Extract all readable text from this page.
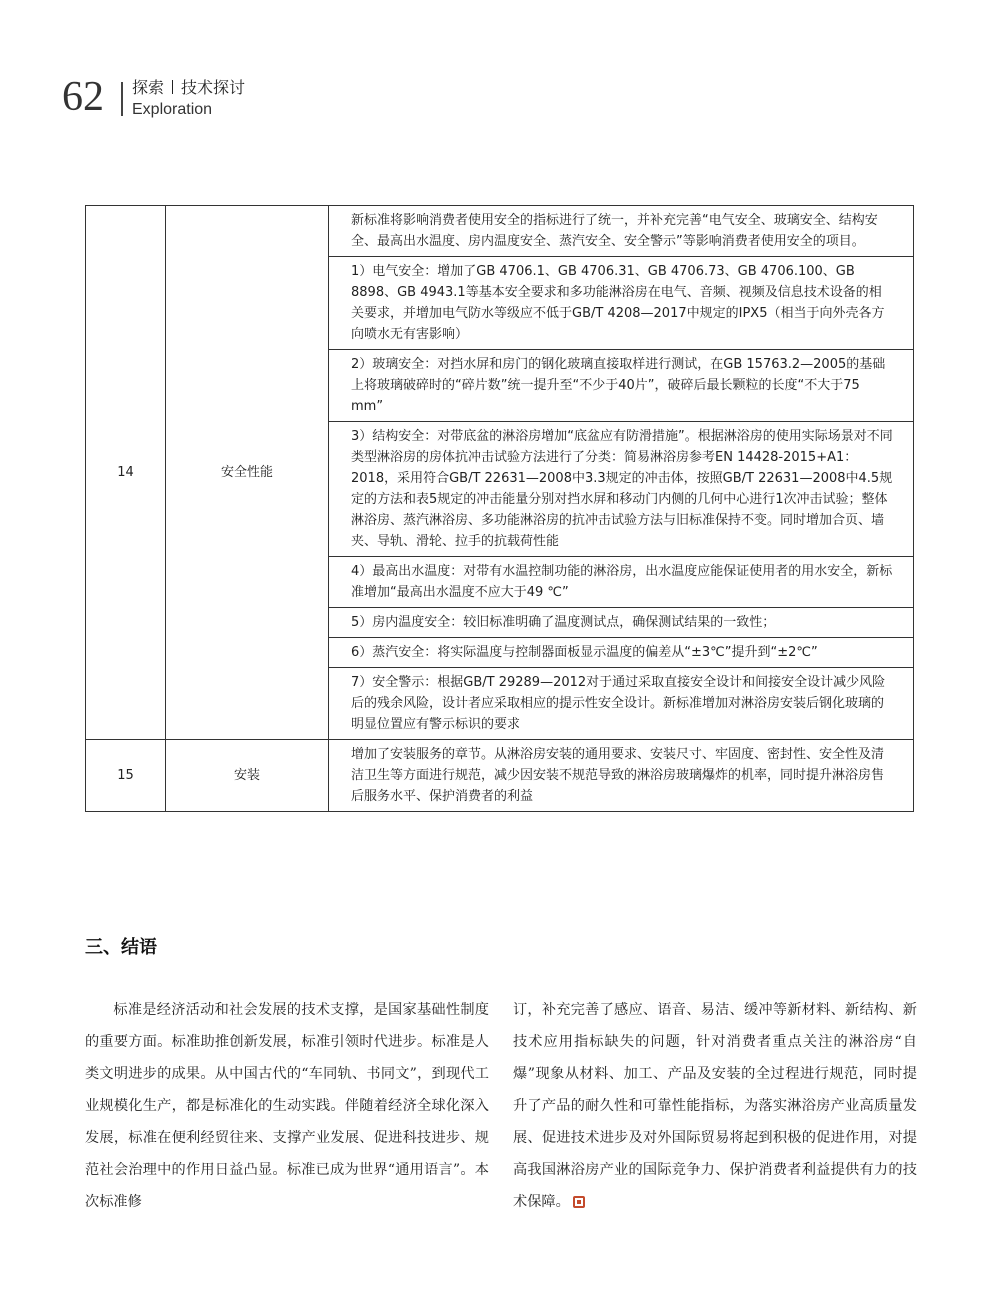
62 探索 技术探讨
Exploration
14	安全性能	新标准将影响消费者使用安全的指标进行了统一，并补充完善“电气安全、玻璃安全、结构安全、最高出水温度、房内温度安全、蒸汽安全、安全警示”等影响消费者使用安全的项目。
		1）电气安全：增加了GB 4706.1、GB 4706.31、GB 4706.73、GB 4706.100、GB 8898、GB 4943.1等基本安全要求和多功能淋浴房在电气、音频、视频及信息技术设备的相关要求，并增加电气防水等级应不低于GB/T 4208—2017中规定的IPX5（相当于向外壳各方向喷水无有害影响）
		2）玻璃安全：对挡水屏和房门的钢化玻璃直接取样进行测试，在GB 15763.2—2005的基础上将玻璃破碎时的“碎片数”统一提升至“不少于40片”，破碎后最长颗粒的长度“不大于75 mm”
		3）结构安全：对带底盆的淋浴房增加“底盆应有防滑措施”。根据淋浴房的使用实际场景对不同类型淋浴房的房体抗冲击试验方法进行了分类：简易淋浴房参考EN 14428-2015+A1：2018，采用符合GB/T 22631—2008中3.3规定的冲击体，按照GB/T 22631—2008中4.5规定的方法和表5规定的冲击能量分别对挡水屏和移动门内侧的几何中心进行1次冲击试验；整体淋浴房、蒸汽淋浴房、多功能淋浴房的抗冲击试验方法与旧标准保持不变。同时增加合页、墙夹、导轨、滑轮、拉手的抗载荷性能
		4）最高出水温度：对带有水温控制功能的淋浴房，出水温度应能保证使用者的用水安全，新标准增加“最高出水温度不应大于49 ℃”
		5）房内温度安全：较旧标准明确了温度测试点，确保测试结果的一致性；
		6）蒸汽安全：将实际温度与控制器面板显示温度的偏差从“±3℃”提升到“±2℃”
		7）安全警示：根据GB/T 29289—2012对于通过采取直接安全设计和间接安全设计减少风险后的残余风险，设计者应采取相应的提示性安全设计。新标准增加对淋浴房安装后钢化玻璃的明显位置应有警示标识的要求
15	安装	增加了安装服务的章节。从淋浴房安装的通用要求、安装尺寸、牢固度、密封性、安全性及清洁卫生等方面进行规范，减少因安装不规范导致的淋浴房玻璃爆炸的机率，同时提升淋浴房售后服务水平、保护消费者的利益
三、结语
标准是经济活动和社会发展的技术支撑，是国家基础性制度的重要方面。标准助推创新发展，标准引领时代进步。标准是人类文明进步的成果。从中国古代的“车同轨、书同文”，到现代工业规模化生产，都是标准化的生动实践。伴随着经济全球化深入发展，标准在便利经贸往来、支撑产业发展、促进科技进步、规范社会治理中的作用日益凸显。标准已成为世界“通用语言”。本次标准修
订，补充完善了感应、语音、易洁、缓冲等新材料、新结构、新技术应用指标缺失的问题，针对消费者重点关注的淋浴房“自爆”现象从材料、加工、产品及安装的全过程进行规范，同时提升了产品的耐久性和可靠性能指标，为落实淋浴房产业高质量发展、促进技术进步及对外国际贸易将起到积极的促进作用，对提高我国淋浴房产业的国际竞争力、保护消费者利益提供有力的技术保障。
